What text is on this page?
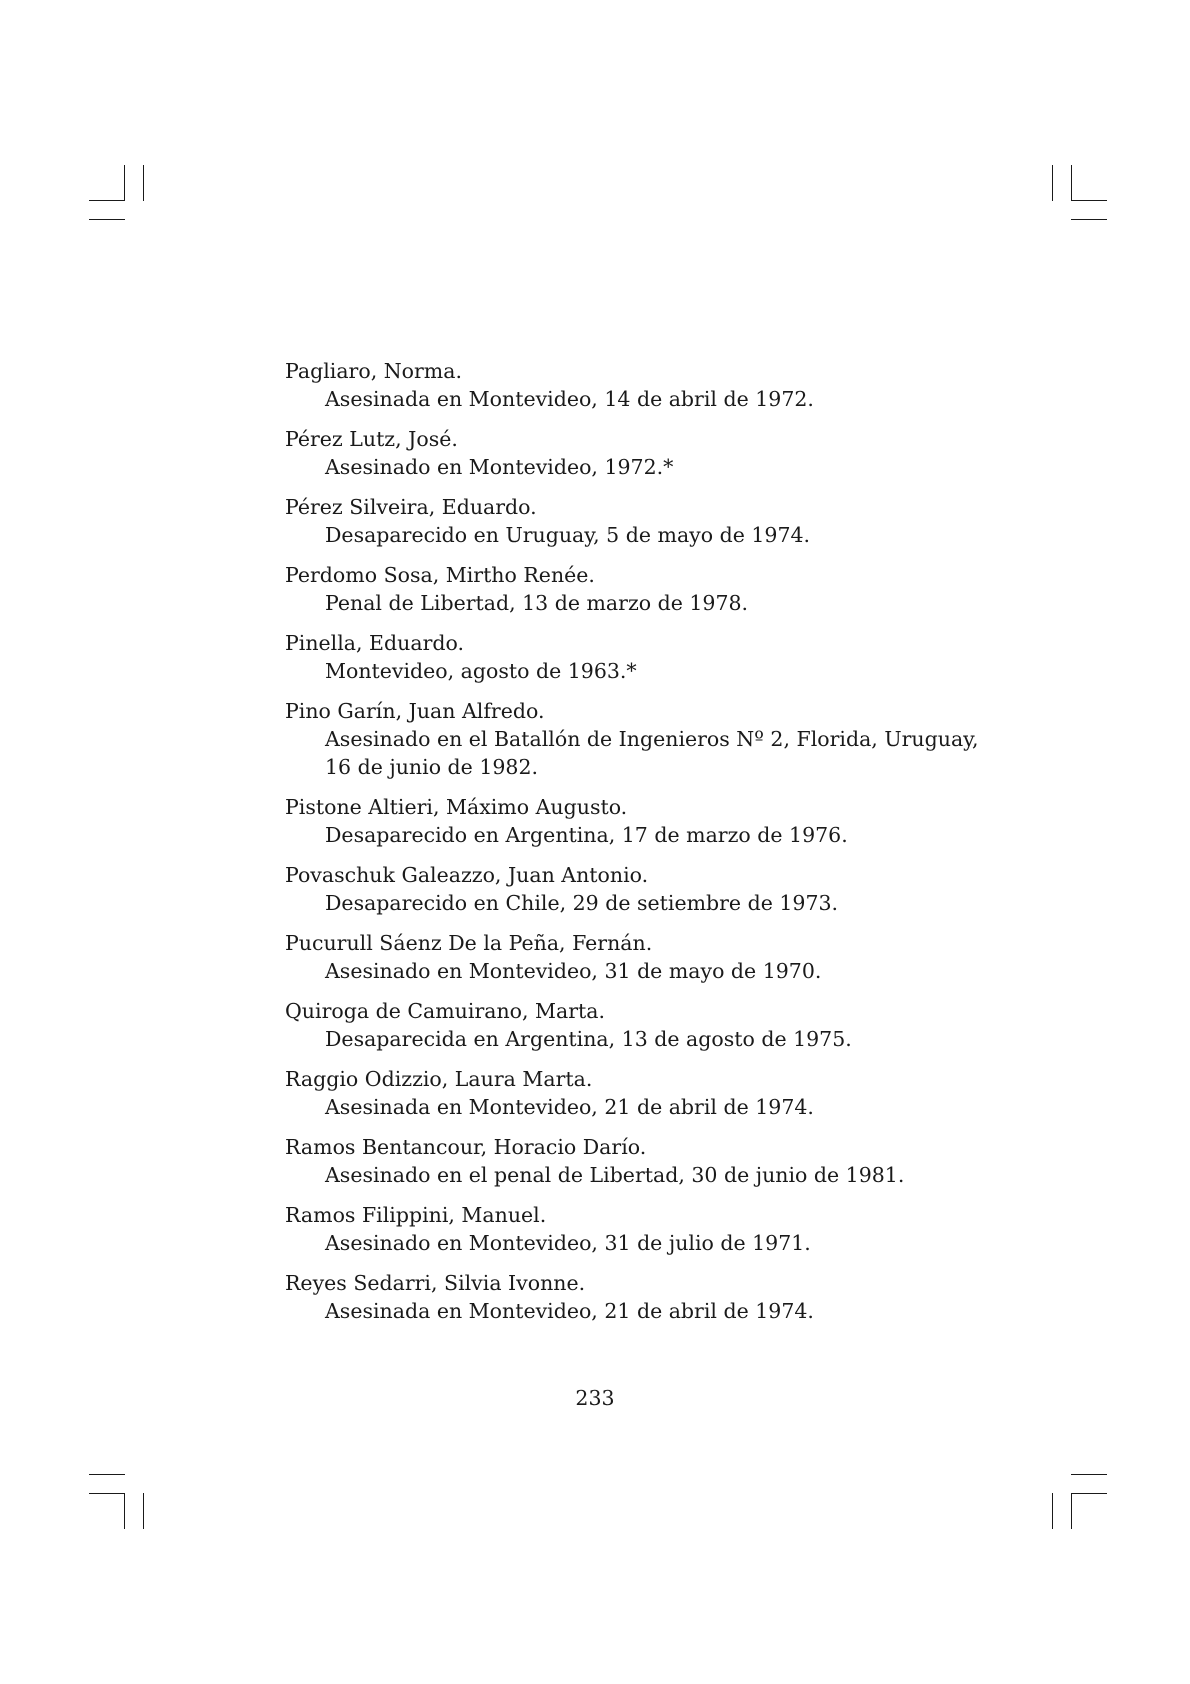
Pagliaro, Norma.
Asesinada en Montevideo, 14 de abril de 1972.
Pérez Lutz, José.
Asesinado en Montevideo, 1972.*
Pérez Silveira, Eduardo.
Desaparecido en Uruguay, 5 de mayo de 1974.
Perdomo Sosa, Mirtho Renée.
Penal de Libertad, 13 de marzo de 1978.
Pinella, Eduardo.
Montevideo, agosto de 1963.*
Pino Garín, Juan Alfredo.
Asesinado en el Batallón de Ingenieros Nº 2, Florida, Uruguay,
16 de junio de 1982.
Pistone Altieri, Máximo Augusto.
Desaparecido en Argentina, 17 de marzo de 1976.
Povaschuk Galeazzo, Juan Antonio.
Desaparecido en Chile, 29 de setiembre de 1973.
Pucurull Sáenz De la Peña, Fernán.
Asesinado en Montevideo, 31 de mayo de 1970.
Quiroga de Camuirano, Marta.
Desaparecida en Argentina, 13 de agosto de 1975.
Raggio Odizzio, Laura Marta.
Asesinada en Montevideo, 21 de abril de 1974.
Ramos Bentancour, Horacio Darío.
Asesinado en el penal de Libertad, 30 de junio de 1981.
Ramos Filippini, Manuel.
Asesinado en Montevideo, 31 de julio de 1971.
Reyes Sedarri, Silvia Ivonne.
Asesinada en Montevideo, 21 de abril de 1974.
233
